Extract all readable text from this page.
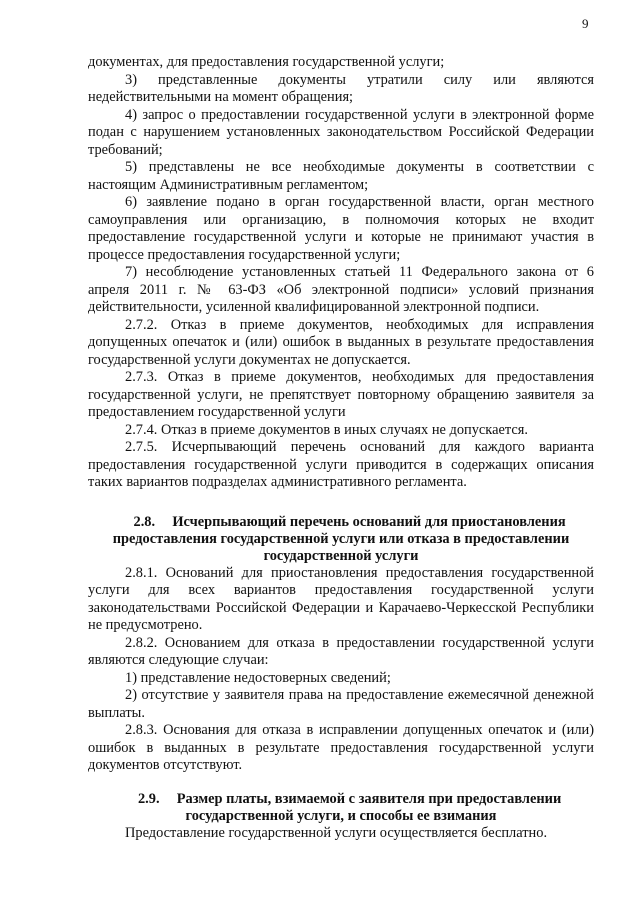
9

документах, для предоставления государственной услуги;

3) представленные документы утратили силу или являются недействительными на момент обращения;

4) запрос о предоставлении государственной услуги в электронной форме подан с нарушением установленных законодательством Российской Федерации требований;

5) представлены не все необходимые документы в соответствии с настоящим Административным регламентом;

6) заявление подано в орган государственной власти, орган местного самоуправления или организацию, в полномочия которых не входит предоставление государственной услуги и которые не принимают участия в процессе предоставления государственной услуги;

7) несоблюдение установленных статьей 11 Федерального закона от 6 апреля 2011 г. № 63-ФЗ «Об электронной подписи» условий признания действительности, усиленной квалифицированной электронной подписи.

2.7.2. Отказ в приеме документов, необходимых для исправления допущенных опечаток и (или) ошибок в выданных в результате предоставления государственной услуги документах не допускается.

2.7.3. Отказ в приеме документов, необходимых для предоставления государственной услуги, не препятствует повторному обращению заявителя за предоставлением государственной услуги

2.7.4. Отказ в приеме документов в иных случаях не допускается.

2.7.5. Исчерпывающий перечень оснований для каждого варианта предоставления государственной услуги приводится в содержащих описания таких вариантов подразделах административного регламента.

2.8. Исчерпывающий перечень оснований для приостановления

предоставления государственной услуги или отказа в предоставлении

государственной услуги

2.8.1. Оснований для приостановления предоставления государственной услуги для всех вариантов предоставления государственной услуги законодательствами Российской Федерации и Карачаево-Черкесской Республики не предусмотрено.

2.8.2. Основанием для отказа в предоставлении государственной услуги являются следующие случаи:

1) представление недостоверных сведений;

2) отсутствие у заявителя права на предоставление ежемесячной денежной выплаты.

2.8.3. Основания для отказа в исправлении допущенных опечаток и (или) ошибок в выданных в результате предоставления государственной услуги документов отсутствуют.

2.9. Размер платы, взимаемой с заявителя при предоставлении

государственной услуги, и способы ее взимания

Предоставление государственной услуги осуществляется бесплатно.
